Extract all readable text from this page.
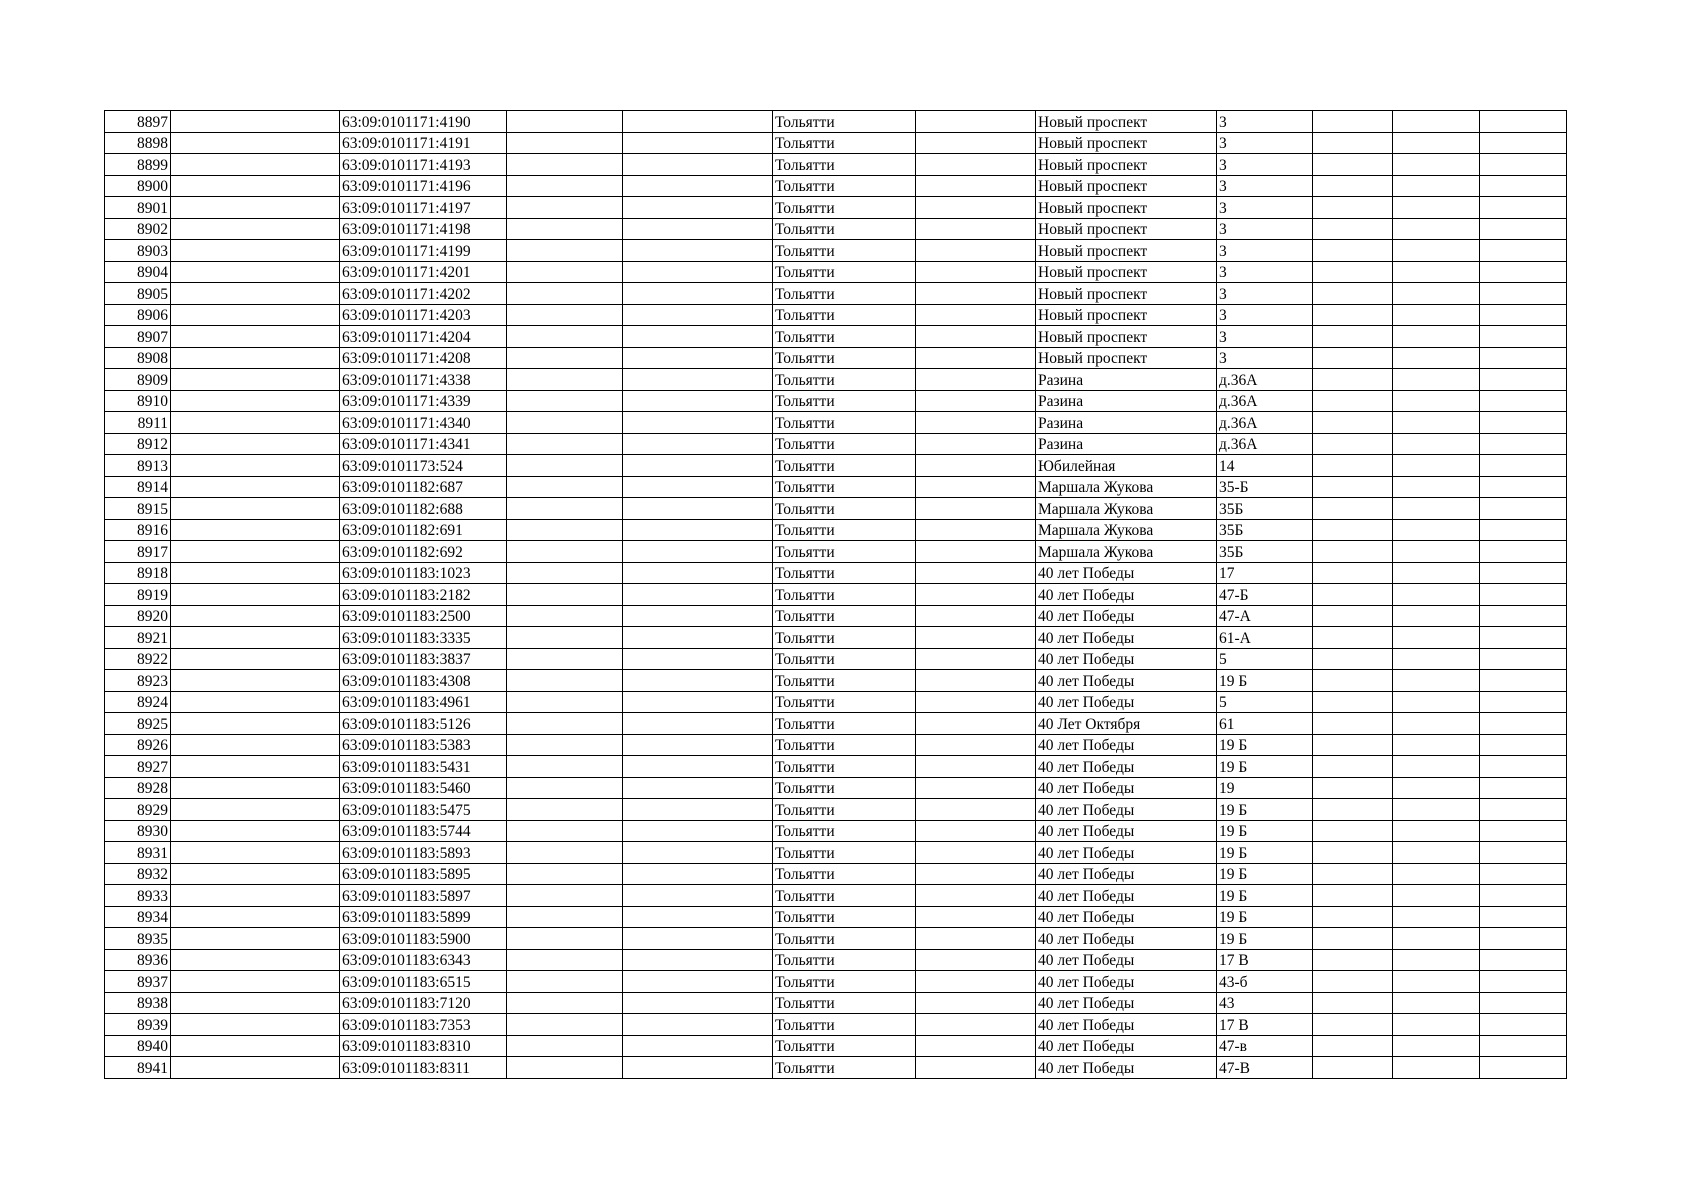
8897		63:09:0101171:4190			Тольятти		Новый проспект	3			
8898		63:09:0101171:4191			Тольятти		Новый проспект	3			
8899		63:09:0101171:4193			Тольятти		Новый проспект	3			
8900		63:09:0101171:4196			Тольятти		Новый проспект	3			
8901		63:09:0101171:4197			Тольятти		Новый проспект	3			
8902		63:09:0101171:4198			Тольятти		Новый проспект	3			
8903		63:09:0101171:4199			Тольятти		Новый проспект	3			
8904		63:09:0101171:4201			Тольятти		Новый проспект	3			
8905		63:09:0101171:4202			Тольятти		Новый проспект	3			
8906		63:09:0101171:4203			Тольятти		Новый проспект	3			
8907		63:09:0101171:4204			Тольятти		Новый проспект	3			
8908		63:09:0101171:4208			Тольятти		Новый проспект	3			
8909		63:09:0101171:4338			Тольятти		Разина	д.36А			
8910		63:09:0101171:4339			Тольятти		Разина	д.36А			
8911		63:09:0101171:4340			Тольятти		Разина	д.36А			
8912		63:09:0101171:4341			Тольятти		Разина	д.36А			
8913		63:09:0101173:524			Тольятти		Юбилейная	14			
8914		63:09:0101182:687			Тольятти		Маршала Жукова	35-Б			
8915		63:09:0101182:688			Тольятти		Маршала Жукова	35Б			
8916		63:09:0101182:691			Тольятти		Маршала Жукова	35Б			
8917		63:09:0101182:692			Тольятти		Маршала Жукова	35Б			
8918		63:09:0101183:1023			Тольятти		40 лет Победы	17			
8919		63:09:0101183:2182			Тольятти		40 лет Победы	47-Б			
8920		63:09:0101183:2500			Тольятти		40 лет Победы	47-А			
8921		63:09:0101183:3335			Тольятти		40 лет Победы	61-А			
8922		63:09:0101183:3837			Тольятти		40 лет Победы	5			
8923		63:09:0101183:4308			Тольятти		40 лет Победы	19 Б			
8924		63:09:0101183:4961			Тольятти		40 лет Победы	5			
8925		63:09:0101183:5126			Тольятти		40 Лет Октября	61			
8926		63:09:0101183:5383			Тольятти		40 лет Победы	19 Б			
8927		63:09:0101183:5431			Тольятти		40 лет Победы	19 Б			
8928		63:09:0101183:5460			Тольятти		40 лет Победы	19			
8929		63:09:0101183:5475			Тольятти		40 лет Победы	19 Б			
8930		63:09:0101183:5744			Тольятти		40 лет Победы	19 Б			
8931		63:09:0101183:5893			Тольятти		40 лет Победы	19 Б			
8932		63:09:0101183:5895			Тольятти		40 лет Победы	19 Б			
8933		63:09:0101183:5897			Тольятти		40 лет Победы	19 Б			
8934		63:09:0101183:5899			Тольятти		40 лет Победы	19 Б			
8935		63:09:0101183:5900			Тольятти		40 лет Победы	19 Б			
8936		63:09:0101183:6343			Тольятти		40 лет Победы	17 В			
8937		63:09:0101183:6515			Тольятти		40 лет Победы	43-б			
8938		63:09:0101183:7120			Тольятти		40 лет Победы	43			
8939		63:09:0101183:7353			Тольятти		40 лет Победы	17 В			
8940		63:09:0101183:8310			Тольятти		40 лет Победы	47-в			
8941		63:09:0101183:8311			Тольятти		40 лет Победы	47-В			
